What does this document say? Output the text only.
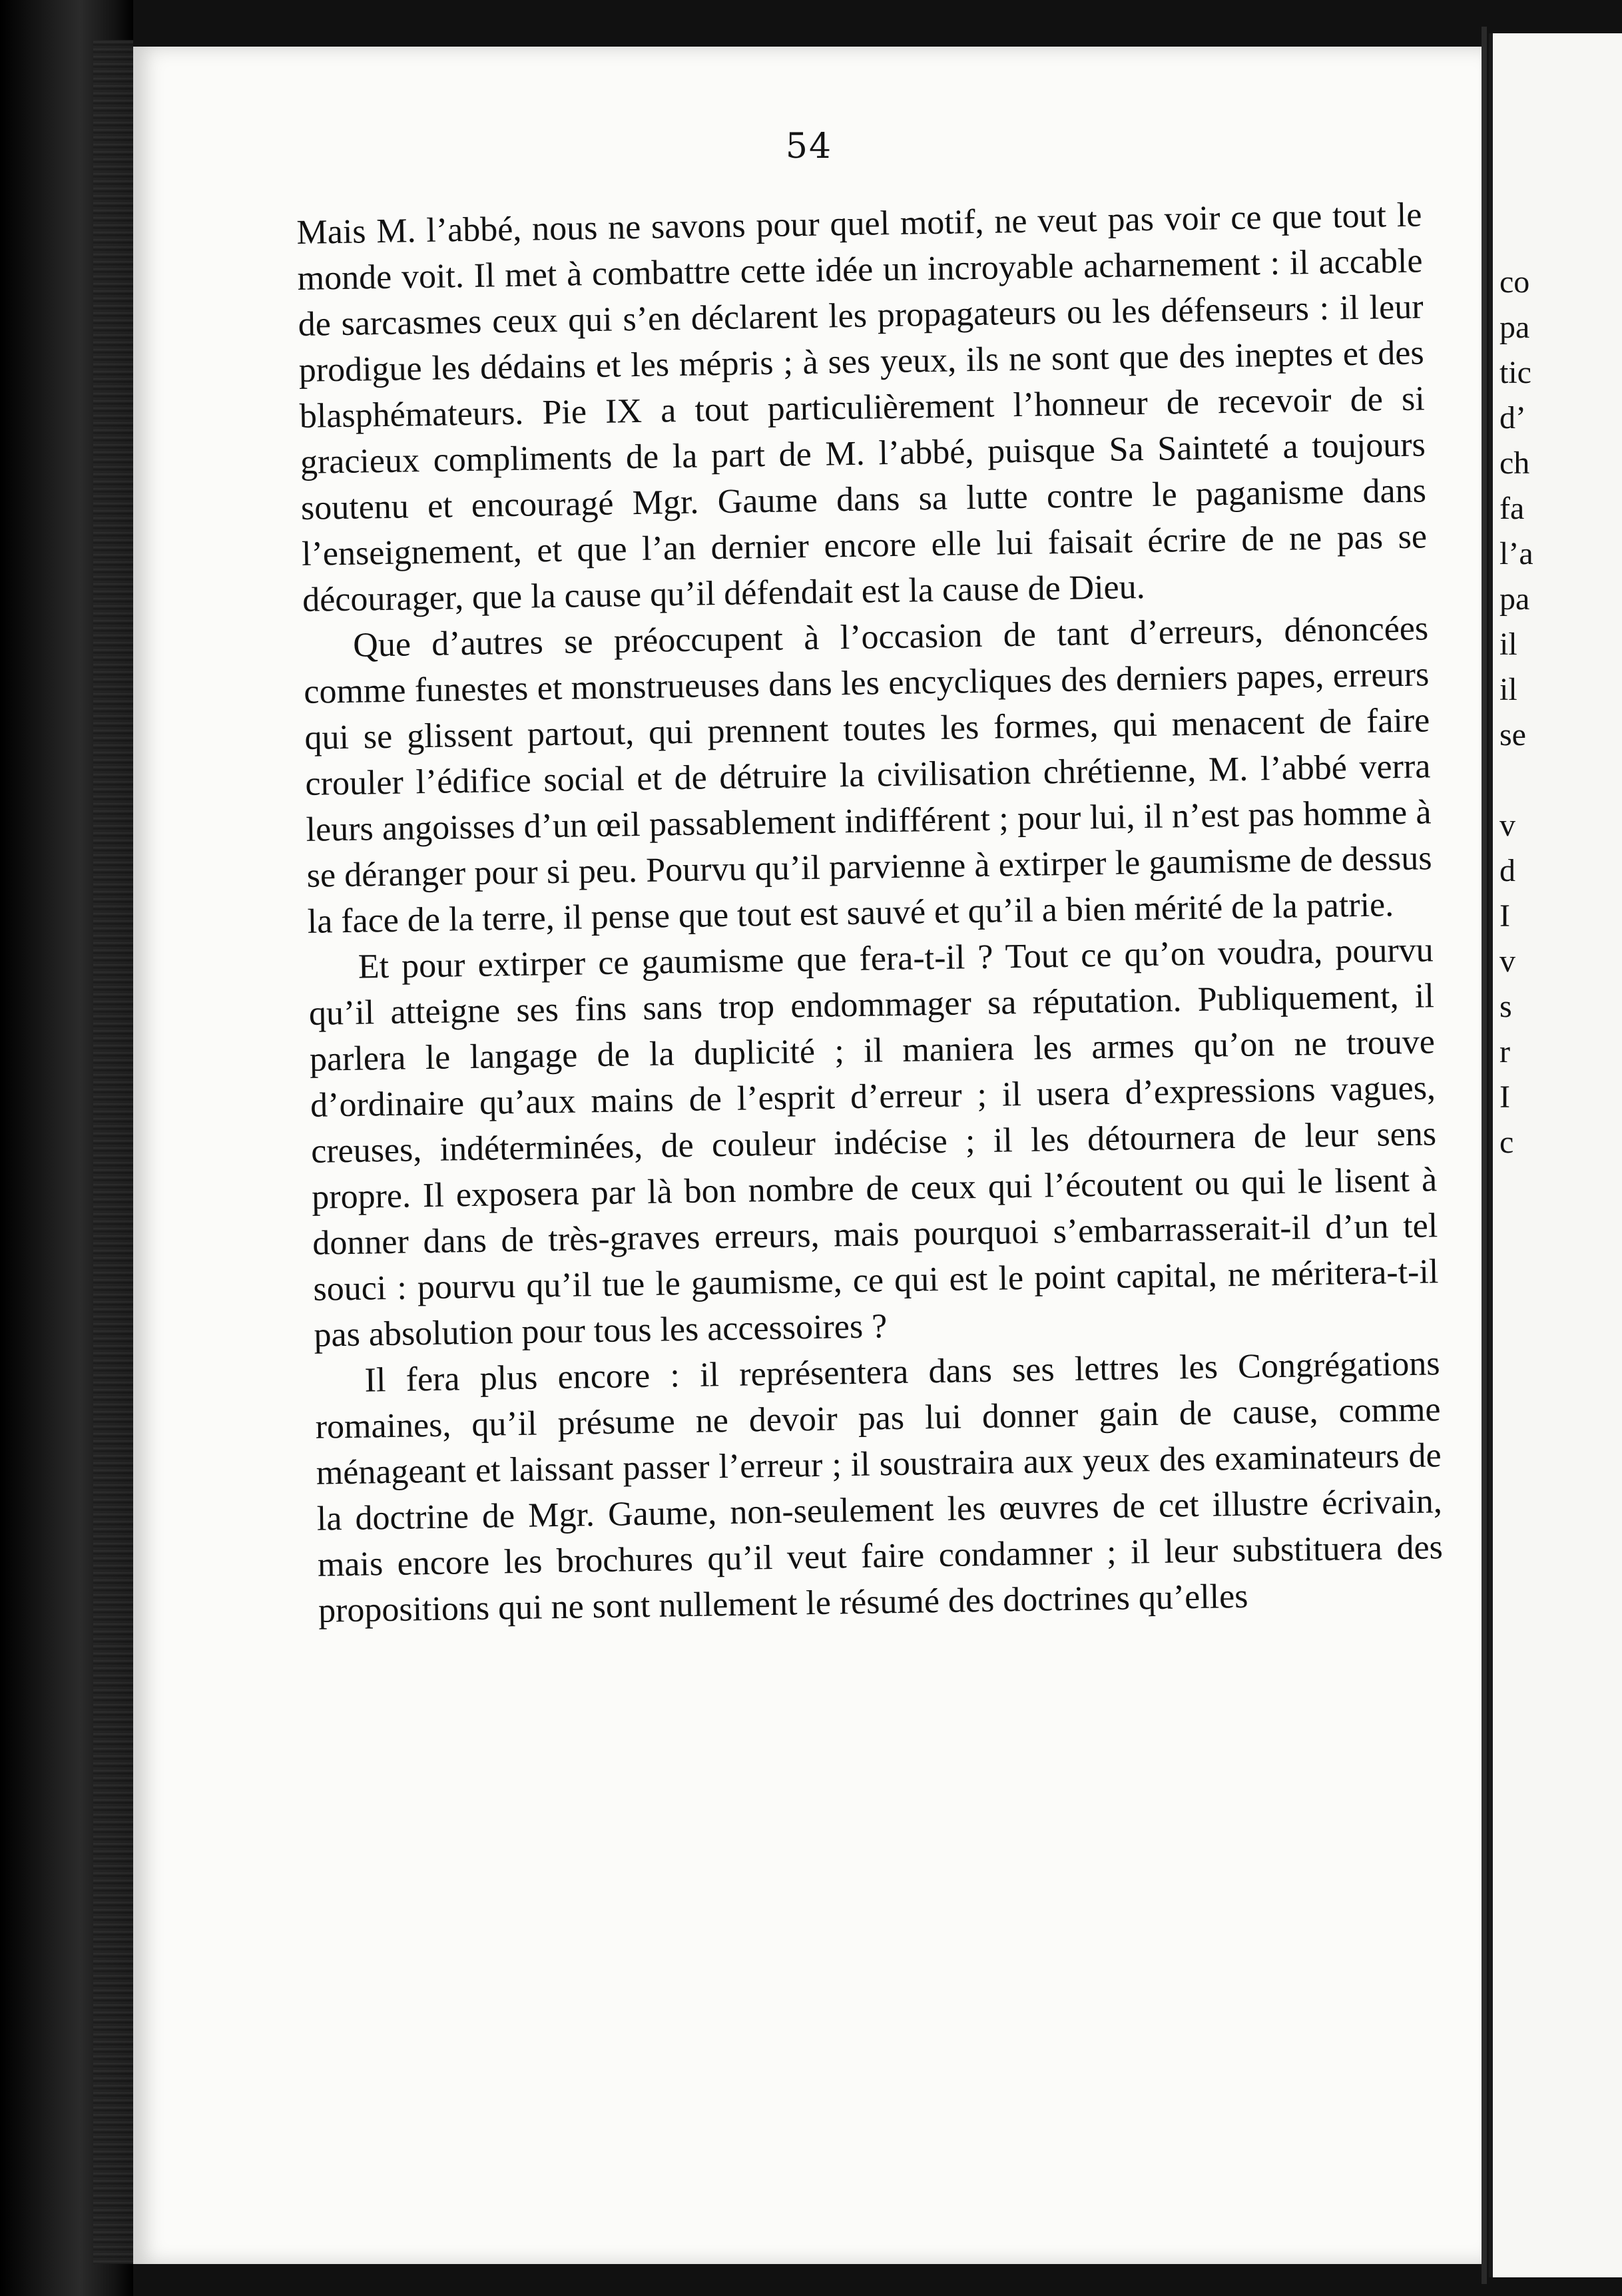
54

Mais M. l’abbé, nous ne savons pour quel motif, ne veut pas voir ce que tout le monde voit. Il met à combattre cette idée un incroyable acharnement : il accable de sarcasmes ceux qui s’en déclarent les propagateurs ou les défenseurs : il leur prodigue les dédains et les mépris ; à ses yeux, ils ne sont que des ineptes et des blasphémateurs. Pie IX a tout particulièrement l’honneur de recevoir de si gracieux compliments de la part de M. l’abbé, puisque Sa Sainteté a toujours soutenu et encouragé Mgr. Gaume dans sa lutte contre le paganisme dans l’enseignement, et que l’an dernier encore elle lui faisait écrire de ne pas se décourager, que la cause qu’il défendait est la cause de Dieu.

Que d’autres se préoccupent à l’occasion de tant d’erreurs, dénoncées comme funestes et monstrueuses dans les encycliques des derniers papes, erreurs qui se glissent partout, qui prennent toutes les formes, qui menacent de faire crouler l’édifice social et de détruire la civilisation chrétienne, M. l’abbé verra leurs angoisses d’un œil passablement indifférent ; pour lui, il n’est pas homme à se déranger pour si peu. Pourvu qu’il parvienne à extirper le gaumisme de dessus la face de la terre, il pense que tout est sauvé et qu’il a bien mérité de la patrie.

Et pour extirper ce gaumisme que fera-t-il ? Tout ce qu’on voudra, pourvu qu’il atteigne ses fins sans trop endommager sa réputation. Publiquement, il parlera le langage de la duplicité ; il maniera les armes qu’on ne trouve d’ordinaire qu’aux mains de l’esprit d’erreur ; il usera d’expressions vagues, creuses, indéterminées, de couleur indécise ; il les détournera de leur sens propre. Il exposera par là bon nombre de ceux qui l’écoutent ou qui le lisent à donner dans de très-graves erreurs, mais pourquoi s’embarrasserait-il d’un tel souci : pourvu qu’il tue le gaumisme, ce qui est le point capital, ne méritera-t-il pas absolution pour tous les accessoires ?

Il fera plus encore : il représentera dans ses lettres les Congrégations romaines, qu’il présume ne devoir pas lui donner gain de cause, comme ménageant et laissant passer l’erreur ; il soustraira aux yeux des examinateurs de la doctrine de Mgr. Gaume, non-seulement les œuvres de cet illustre écrivain, mais encore les brochures qu’il veut faire condamner ; il leur substituera des propositions qui ne sont nullement le résumé des doctrines qu’elles

co
pa
tic
d’
ch
fa
l’a
pa
il
il
se
v
d
I
v
s
r
I
c
